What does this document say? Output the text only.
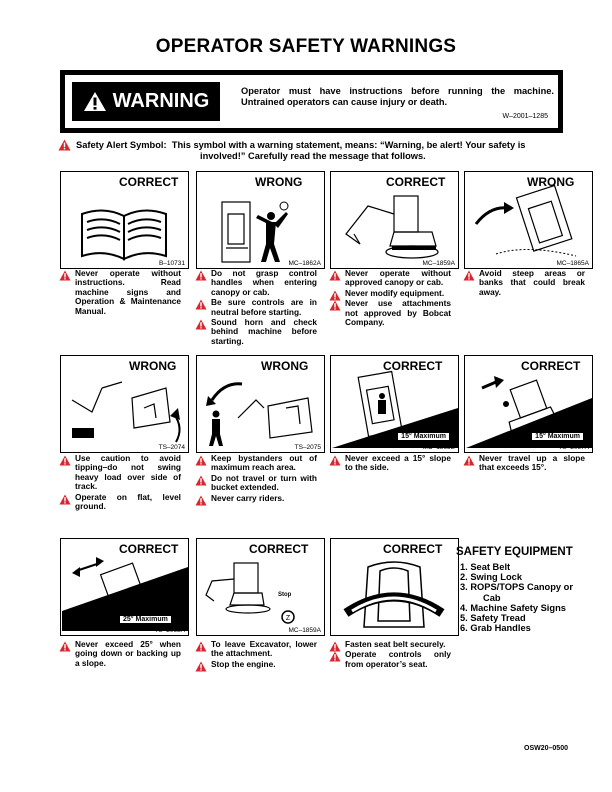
OPERATOR SAFETY WARNINGS
WARNING	Operator must have instructions before running the machine. Untrained operators can cause injury or death.
W–2001–1285
Safety Alert Symbol: This symbol with a warning statement, means: “Warning, be alert! Your safety is
involved!” Carefully read the message that follows.
CORRECT
B–10731
Never operate without instructions. Read machine signs and Operation & Maintenance Manual.
WRONG
MC–1862A
Do not grasp control handles when entering canopy or cab.
Be sure controls are in neutral before starting.
Sound horn and check behind machine before starting.
CORRECT
MC–1859A
Never operate without approved canopy or cab.
Never modify equipment.
Never use attachments not approved by Bobcat Company.
WRONG
MC–1865A
Avoid steep areas or banks that could break away.
WRONG
TS–2074
Use caution to avoid tipping–do not swing heavy load over side of track.
Operate on flat, level ground.
WRONG
TS–2075
Keep bystanders out of maximum reach area.
Do not travel or turn with bucket extended.
Never carry riders.
CORRECT
15° Maximum
MC–1865B
Never exceed a 15° slope to the side.
CORRECT
15° Maximum
TS–2067A
Never travel up a slope that exceeds 15°.
CORRECT
25° Maximum
TS–2068A
Never exceed 25° when going down or backing up a slope.
Z
CORRECT
Stop
MC–1859A
To leave Excavator, lower the attachment.
Stop the engine.
CORRECT
Fasten seat belt securely.
Operate controls only from operator’s seat.
SAFETY EQUIPMENT
1. Seat Belt
2. Swing Lock
3. ROPS/TOPS Canopy or
Cab
4. Machine Safety Signs
5. Safety Tread
6. Grab Handles
OSW20–0500
